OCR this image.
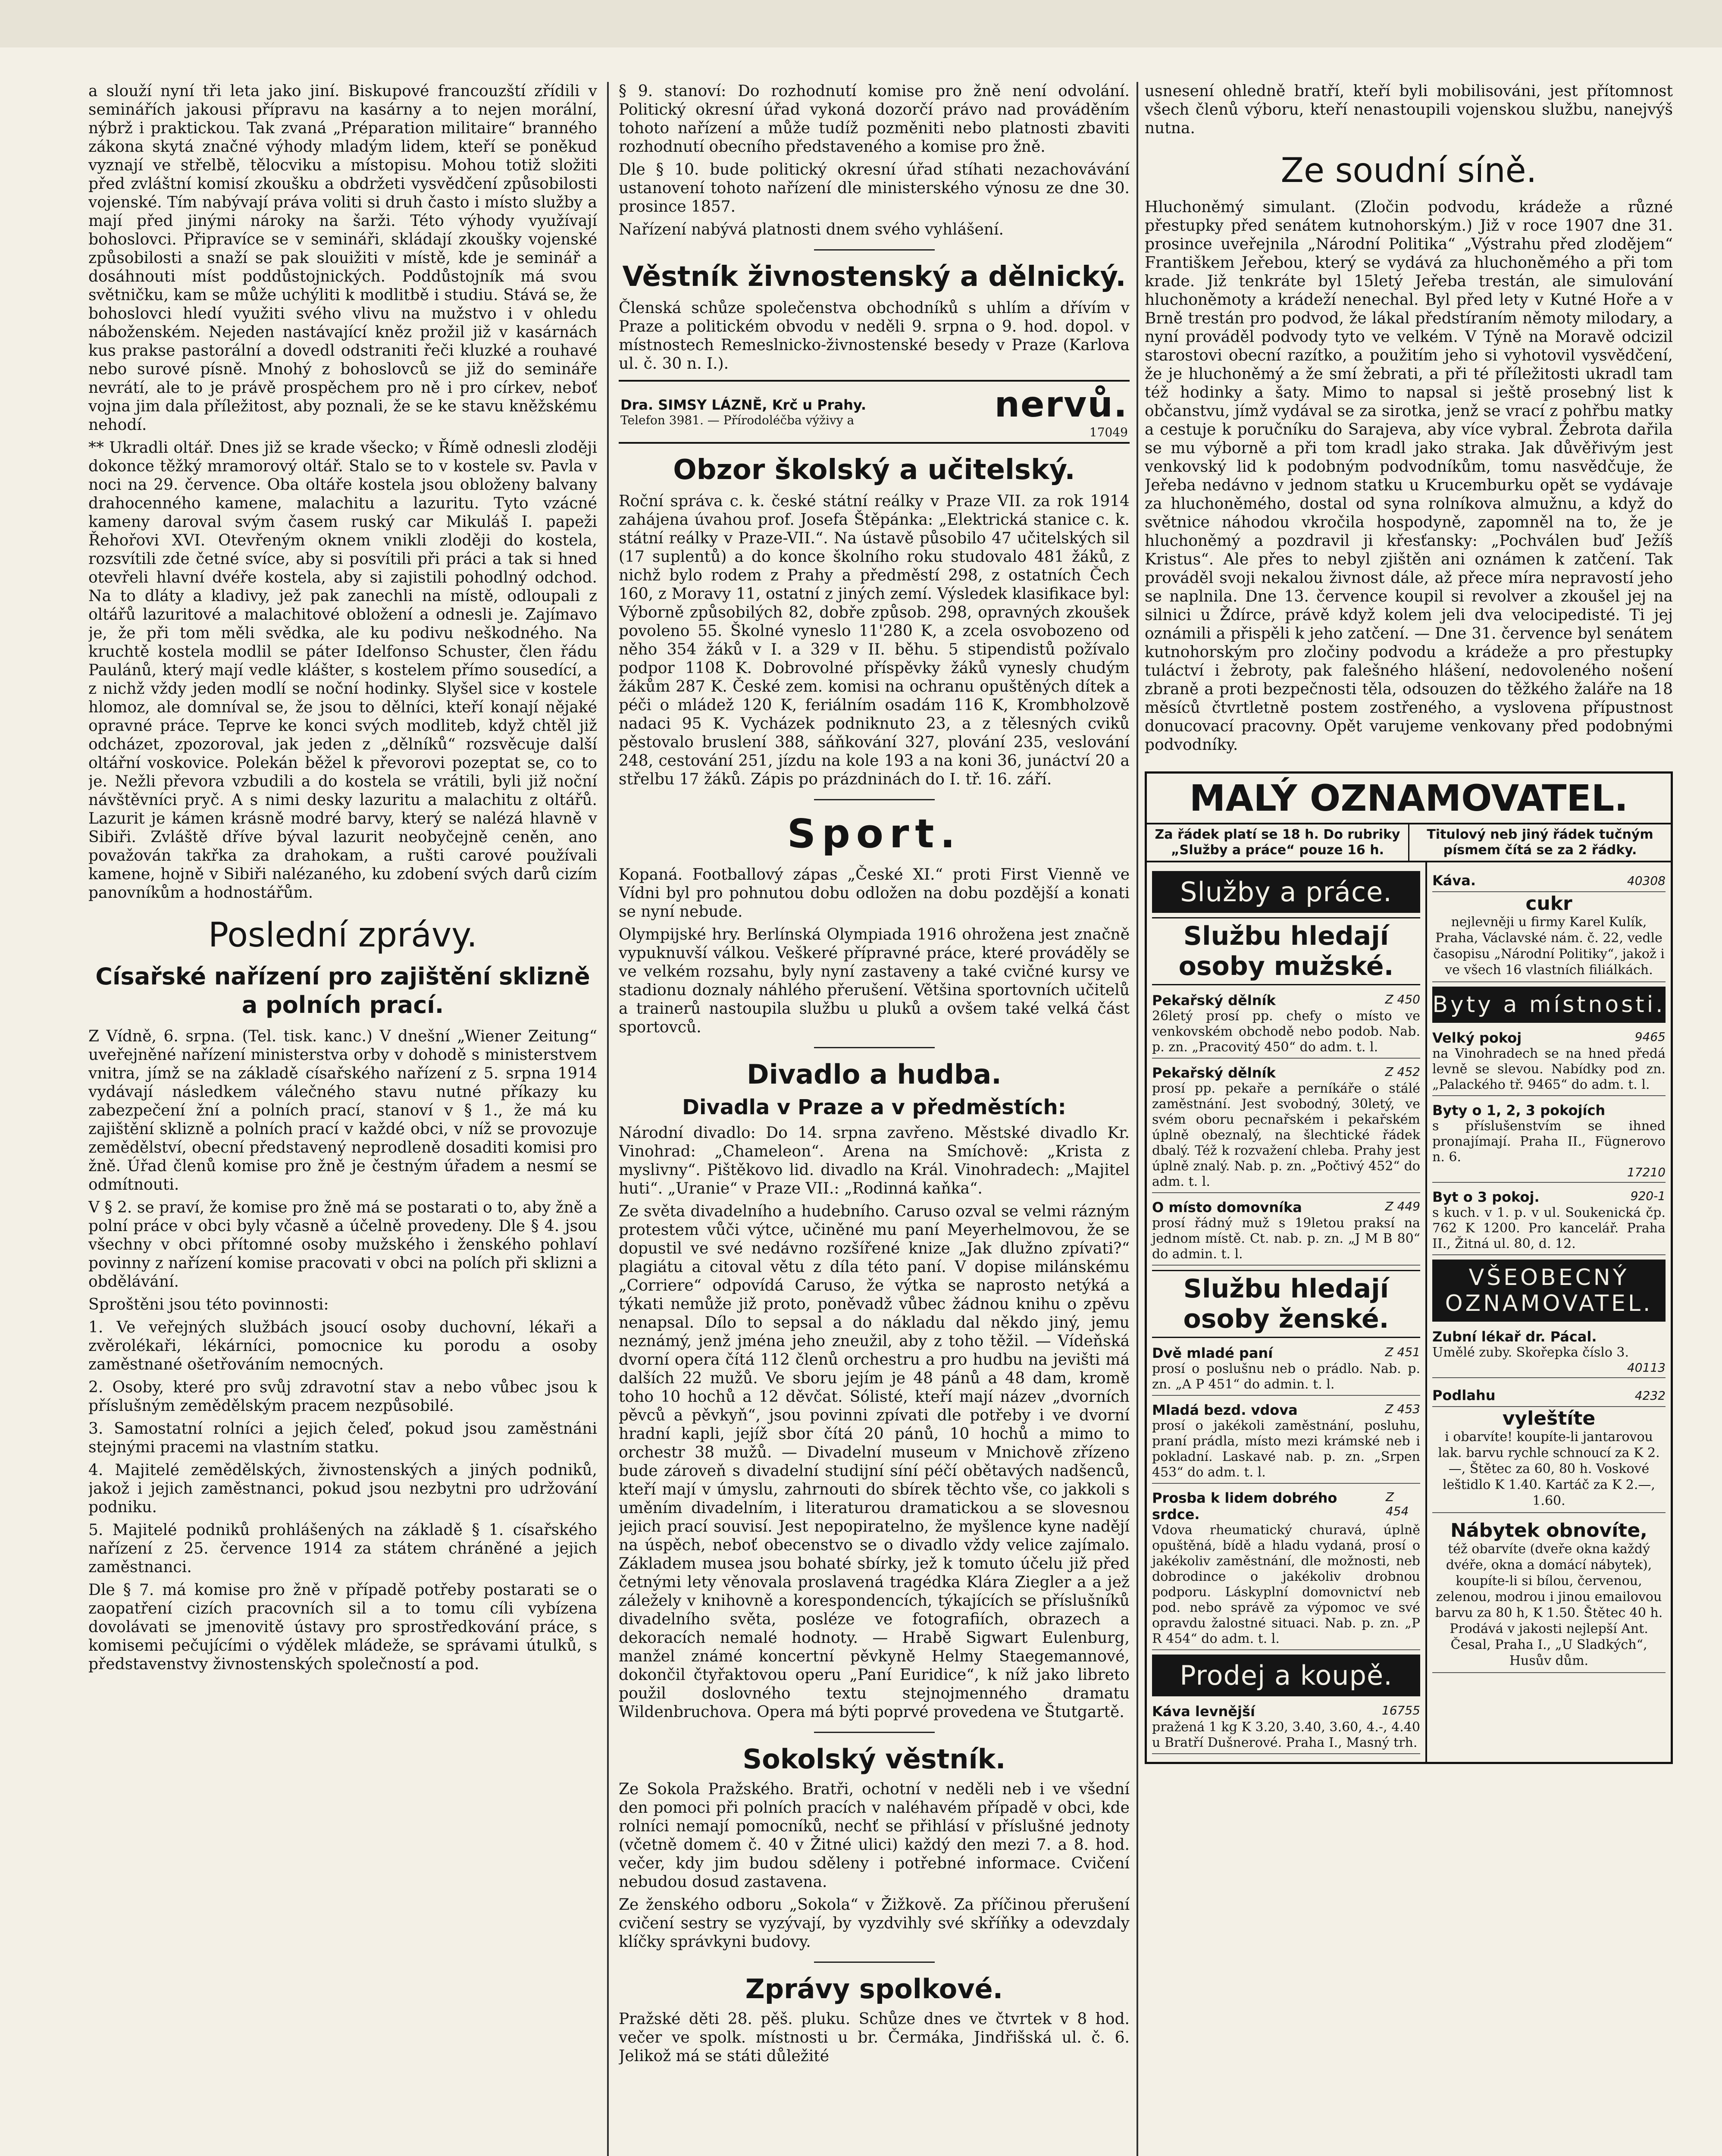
a slouží nyní tři leta jako jiní. Biskupové francouzští zřídili v seminářích jakousi přípravu na kasárny a to nejen morální, nýbrž i praktickou. Tak zvaná „Préparation militaire“ branného zákona skytá značné výhody mladým lidem, kteří se poněkud vyznají ve střelbě, tělocviku a místopisu. Mohou totiž složiti před zvláštní komisí zkoušku a obdržeti vysvědčení způsobilosti vojenské. Tím nabývají práva voliti si druh často i místo služby a mají před jinými nároky na šarži. Této výhody využívají bohoslovci. Připravíce se v semináři, skládají zkoušky vojenské způsobilosti a snaží se pak slouižiti v místě, kde je seminář a dosáhnouti míst poddůstojnických. Poddůstojník má svou světničku, kam se může uchýliti k modlitbě i studiu. Stává se, že bohoslovci hledí využiti svého vlivu na mužstvo i v ohledu náboženském. Nejeden nastávající kněz prožil již v kasárnách kus prakse pastorální a dovedl odstraniti řeči kluzké a rouhavé nebo surové písně. Mnohý z bohoslovců se již do semináře nevrátí, ale to je právě prospěchem pro ně i pro církev, neboť vojna jim dala příležitost, aby poznali, že se ke stavu kněžskému nehodí.

** Ukradli oltář. Dnes již se krade všecko; v Římě odnesli zloději dokonce těžký mramorový oltář. Stalo se to v kostele sv. Pavla v noci na 29. července. Oba oltáře kostela jsou obloženy balvany drahocenného kamene, malachitu a lazuritu. Tyto vzácné kameny daroval svým časem ruský car Mikuláš I. papeži Řehořovi XVI. Otevřeným oknem vnikli zloději do kostela, rozsvítili zde četné svíce, aby si posvítili při práci a tak si hned otevřeli hlavní dvéře kostela, aby si zajistili pohodlný odchod. Na to dláty a kladivy, jež pak zanechli na místě, odloupali z oltářů lazuritové a malachitové obložení a odnesli je. Zajímavo je, že při tom měli svědka, ale ku podivu neškodného. Na kruchtě kostela modlil se páter Idelfonso Schuster, člen řádu Paulánů, který mají vedle klášter, s kostelem přímo sousedící, a z nichž vždy jeden modlí se noční hodinky. Slyšel sice v kostele hlomoz, ale domníval se, že jsou to dělníci, kteří konají nějaké opravné práce. Teprve ke konci svých modliteb, když chtěl již odcházet, zpozoroval, jak jeden z „dělníků“ rozsvěcuje další oltářní voskovice. Polekán běžel k převorovi pozeptat se, co to je. Nežli převora vzbudili a do kostela se vrátili, byli již noční návštěvníci pryč. A s nimi desky lazuritu a malachitu z oltářů. Lazurit je kámen krásně modré barvy, který se nalézá hlavně v Sibiři. Zvláště dříve býval lazurit neobyčejně ceněn, ano považován takřka za drahokam, a rušti carové používali kamene, hojně v Sibiři nalézaného, ku zdobení svých darů cizím panovníkům a hodnostářům.

Poslední zprávy.
Císařské nařízení pro zajištění sklizně a polních prací.

Z Vídně, 6. srpna. (Tel. tisk. kanc.) V dnešní „Wiener Zeitung“ uveřejněné nařízení ministerstva orby v dohodě s ministerstvem vnitra, jímž se na základě císařského nařízení z 5. srpna 1914 vydávají následkem válečného stavu nutné příkazy ku zabezpečení žní a polních prací, stanoví v § 1., že má ku zajištění sklizně a polních prací v každé obci, v níž se provozuje zemědělství, obecní představený neprodleně dosaditi komisi pro žně. Úřad členů komise pro žně je čestným úřadem a nesmí se odmítnouti.

V § 2. se praví, že komise pro žně má se postarati o to, aby žně a polní práce v obci byly včasně a účelně provedeny. Dle § 4. jsou všechny v obci přítomné osoby mužského i ženského pohlaví povinny z nařízení komise pracovati v obci na polích při sklizni a obdělávání.

Sproštěni jsou této povinnosti:

1. Ve veřejných službách jsoucí osoby duchovní, lékaři a zvěrolékaři, lékárníci, pomocnice ku porodu a osoby zaměstnané ošetřováním nemocných.

2. Osoby, které pro svůj zdravotní stav a nebo vůbec jsou k příslušným zemědělským pracem nezpůsobilé.

3. Samostatní rolníci a jejich čeleď, pokud jsou zaměstnáni stejnými pracemi na vlastním statku.

4. Majitelé zemědělských, živnostenských a jiných podniků, jakož i jejich zaměstnanci, pokud jsou nezbytni pro udržování podniku.

5. Majitelé podniků prohlášených na základě § 1. císařského nařízení z 25. července 1914 za státem chráněné a jejich zaměstnanci.

Dle § 7. má komise pro žně v případě potřeby postarati se o zaopatření cizích pracovních sil a to tomu cíli vybízena dovolávati se jmenovitě ústavy pro sprostředkování práce, s komisemi pečujícími o výdělek mládeže, se správami útulků, s představenstvy živnostenských společností a pod.

§ 9. stanoví: Do rozhodnutí komise pro žně není odvolání. Politický okresní úřad vykoná dozorčí právo nad prováděním tohoto nařízení a může tudíž pozměniti nebo platnosti zbaviti rozhodnutí obecního představeného a komise pro žně.

Dle § 10. bude politický okresní úřad stíhati nezachovávání ustanovení tohoto nařízení dle ministerského výnosu ze dne 30. prosince 1857.

Nařízení nabývá platnosti dnem svého vyhlášení.

Věstník živnostenský a dělnický.

Členská schůze společenstva obchodníků s uhlím a dřívím v Praze a politickém obvodu v neděli 9. srpna o 9. hod. dopol. v místnostech Remeslnicko-živnostenské besedy v Praze (Karlova ul. č. 30 n. I.).

Dra. SIMSY LÁZNĚ, Krč u Prahy.
Telefon 3981. — Přírodoléčba výživy a	nervů.
17049
Obzor školský a učitelský.

Roční správa c. k. české státní reálky v Praze VII. za rok 1914 zahájena úvahou prof. Josefa Štěpánka: „Elektrická stanice c. k. státní reálky v Praze-VII.“. Na ústavě působilo 47 učitelských sil (17 suplentů) a do konce školního roku studovalo 481 žáků, z nichž bylo rodem z Prahy a předměstí 298, z ostatních Čech 160, z Moravy 11, ostatní z jiných zemí. Výsledek klasifikace byl: Výborně způsobilých 82, dobře způsob. 298, opravných zkoušek povoleno 55. Školné vyneslo 11'280 K, a zcela osvobozeno od něho 354 žáků v I. a 329 v II. běhu. 5 stipendistů požívalo podpor 1108 K. Dobrovolné příspěvky žáků vynesly chudým žákům 287 K. České zem. komisi na ochranu opuštěných dítek a péči o mládež 120 K, feriálním osadám 116 K, Krombholzově nadaci 95 K. Vycházek podniknuto 23, a z tělesných cviků pěstovalo bruslení 388, sáňkování 327, plování 235, veslování 248, cestování 251, jízdu na kole 193 a na koni 36, junáctví 20 a střelbu 17 žáků. Zápis po prázdninách do I. tř. 16. září.

Sport.

Kopaná. Footballový zápas „České XI.“ proti First Vienně ve Vídni byl pro pohnutou dobu odložen na dobu pozdější a konati se nyní nebude.

Olympijské hry. Berlínská Olympiada 1916 ohrožena jest značně vypuknuvší válkou. Veškeré přípravné práce, které prováděly se ve velkém rozsahu, byly nyní zastaveny a také cvičné kursy ve stadionu doznaly náhlého přerušení. Většina sportovních učitelů a trainerů nastoupila službu u pluků a ovšem také velká část sportovců.

Divadlo a hudba.
Divadla v Praze a v předměstích:

Národní divadlo: Do 14. srpna zavřeno. Městské divadlo Kr. Vinohrad: „Chameleon“. Arena na Smíchově: „Krista z myslivny“. Pištěkovo lid. divadlo na Král. Vinohradech: „Majitel huti“. „Uranie“ v Praze VII.: „Rodinná kaňka“.

Ze světa divadelního a hudebního. Caruso ozval se velmi rázným protestem vůči výtce, učiněné mu paní Meyerhelmovou, že se dopustil ve své nedávno rozšířené knize „Jak dlužno zpívati?“ plagiátu a citoval větu z díla této paní. V dopise milánskému „Corriere“ odpovídá Caruso, že výtka se naprosto netýká a týkati nemůže již proto, poněvadž vůbec žádnou knihu o zpěvu nenapsal. Dílo to sepsal a do nákladu dal někdo jiný, jemu neznámý, jenž jména jeho zneužil, aby z toho těžil. — Vídeňská dvorní opera čítá 112 členů orchestru a pro hudbu na jevišti má dalších 22 mužů. Ve sboru jejím je 48 pánů a 48 dam, kromě toho 10 hochů a 12 děvčat. Sólisté, kteří mají název „dvorních pěvců a pěvkyň“, jsou povinni zpívati dle potřeby i ve dvorní hradní kapli, jejíž sbor čítá 20 pánů, 10 hochů a mimo to orchestr 38 mužů. — Divadelní museum v Mnichově zřízeno bude zároveň s divadelní studijní síní péčí obětavých nadšenců, kteří mají v úmyslu, zahrnouti do sbírek těchto vše, co jakkoli s uměním divadelním, i literaturou dramatickou a se slovesnou jejich prací souvisí. Jest nepopiratelno, že myšlence kyne nadějí na úspěch, neboť obecenstvo se o divadlo vždy velice zajímalo. Základem musea jsou bohaté sbírky, jež k tomuto účelu již před četnými lety věnovala proslavená tragédka Klára Ziegler a a jež záležely v knihovně a korespondencích, týkajících se příslušníků divadelního světa, posléze ve fotografiích, obrazech a dekoracích nemalé hodnoty. — Hrabě Sigwart Eulenburg, manžel známé koncertní pěvkyně Helmy Staegemannové, dokončil čtyřaktovou operu „Paní Euridice“, k níž jako libreto použil doslovného textu stejnojmenného dramatu Wildenbruchova. Opera má býti poprvé provedena ve Štutgartě.

Sokolský věstník.

Ze Sokola Pražského. Bratři, ochotní v neděli neb i ve všední den pomoci při polních pracích v naléhavém případě v obci, kde rolníci nemají pomocníků, nechť se přihlásí v příslušné jednoty (včetně domem č. 40 v Žitné ulici) každý den mezi 7. a 8. hod. večer, kdy jim budou sděleny i potřebné informace. Cvičení nebudou dosud zastavena.

Ze ženského odboru „Sokola“ v Žižkově. Za příčinou přerušení cvičení sestry se vyzývají, by vyzdvihly své skříňky a odevzdaly klíčky správkyni budovy.

Zprávy spolkové.

Pražské děti 28. pěš. pluku. Schůze dnes ve čtvrtek v 8 hod. večer ve spolk. místnosti u br. Čermáka, Jindřišská ul. č. 6. Jelikož má se státi důležité

usnesení ohledně bratří, kteří byli mobilisováni, jest přítomnost všech členů výboru, kteří nenastoupili vojenskou službu, nanejvýš nutna.

Ze soudní síně.

Hluchoněmý simulant. (Zločin podvodu, krádeže a různé přestupky před senátem kutnohorským.) Již v roce 1907 dne 31. prosince uveřejnila „Národní Politika“ „Výstrahu před zlodějem“ Františkem Jeřebou, který se vydává za hluchoněmého a při tom krade. Již tenkráte byl 15letý Jeřeba trestán, ale simulování hluchoněmoty a krádeží nenechal. Byl před lety v Kutné Hoře a v Brně trestán pro podvod, že lákal předstíraním němoty milodary, a nyní prováděl podvody tyto ve velkém. V Týně na Moravě odcizil starostovi obecní razítko, a použitím jeho si vyhotovil vysvědčení, že je hluchoněmý a že smí žebrati, a při té příležitosti ukradl tam též hodinky a šaty. Mimo to napsal si ještě prosebný list k občanstvu, jímž vydával se za sirotka, jenž se vrací z pohřbu matky a cestuje k poručníku do Sarajeva, aby více vybral. Žebrota dařila se mu výborně a při tom kradl jako straka. Jak důvěřivým jest venkovský lid k podobným podvodníkům, tomu nasvědčuje, že Jeřeba nedávno v jednom statku u Krucemburku opět se vydávaje za hluchoněmého, dostal od syna rolníkova almužnu, a když do světnice náhodou vkročila hospodyně, zapomněl na to, že je hluchoněmý a pozdravil ji křesťansky: „Pochválen buď Ježíš Kristus“. Ale přes to nebyl zjištěn ani oznámen k zatčení. Tak prováděl svoji nekalou živnost dále, až přece míra nepravostí jeho se naplnila. Dne 13. července koupil si revolver a zkoušel jej na silnici u Ždírce, právě když kolem jeli dva velocipedisté. Ti jej oznámili a přispěli k jeho zatčení. — Dne 31. července byl senátem kutnohorským pro zločiny podvodu a krádeže a pro přestupky tuláctví i žebroty, pak falešného hlášení, nedovoleného nošení zbraně a proti bezpečnosti těla, odsouzen do těžkého žaláře na 18 měsíců čtvrtletně postem zostřeného, a vyslovena přípustnost donucovací pracovny. Opět varujeme venkovany před podobnými podvodníky.

MALÝ OZNAMOVATEL.
Za řádek platí se 18 h. Do rubriky „Služby a práce“ pouze 16 h.
Titulový neb jiný řádek tučným písmem čítá se za 2 řádky.
Služby a práce.
Službu hledají osoby mužské.
Pekařský dělník	Z 450
26letý prosí pp. chefy o místo ve venkovském obchodě nebo podob. Nab. p. zn. „Pracovitý 450“ do adm. t. l.
Pekařský dělník	Z 452
prosí pp. pekaře a perníkáře o stálé zaměstnání. Jest svobodný, 30letý, ve svém oboru pecnařském i pekařském úplně obeznalý, na šlechtické řádek dbalý. Též k rozvažení chleba. Prahy jest úplně znalý. Nab. p. zn. „Počtivý 452“ do adm. t. l.
O místo domovníka	Z 449
prosí řádný muž s 19letou praksí na jednom místě. Ct. nab. p. zn. „J M B 80“ do admin. t. l.
Službu hledají osoby ženské.
Dvě mladé paní	Z 451
prosí o poslušnu neb o prádlo. Nab. p. zn. „A P 451“ do admin. t. l.
Mladá bezd. vdova	Z 453
prosí o jakékoli zaměstnání, posluhu, praní prádla, místo mezi krámské neb i pokladní. Laskavé nab. p. zn. „Srpen 453“ do adm. t. l.
Prosba k lidem dobrého srdce.
Z 454
Vdova rheumatický churavá, úplně opuštěná, bídě a hladu vydaná, prosí o jakékoliv zaměstnání, dle možnosti, neb dobrodince o jakékoliv drobnou podporu. Láskyplní domovnictví neb pod. nebo správě za výpomoc ve své opravdu žalostné situaci. Nab. p. zn. „P R 454“ do adm. t. l.
Prodej a koupě.
Káva levnější	16755
pražená 1 kg K 3.20, 3.40, 3.60, 4.-, 4.40 u Bratří Dušnerové. Praha I., Masný trh.
Káva.	40308
cukr
nejlevněji u firmy Karel Kulík, Praha, Václavské nám. č. 22, vedle časopisu „Národní Politiky“, jakož i ve všech 16 vlastních filiálkách.
Byty a místnosti.
Velký pokoj	9465
na Vinohradech se na hned předá levně se slevou. Nabídky pod zn. „Palackého tř. 9465“ do adm. t. l.
Byty o 1, 2, 3 pokojích
s příslušenstvím se ihned pronajímají. Praha II., Fügnerovo n. 6.
17210
Byt o 3 pokoj.	920-1
s kuch. v 1. p. v ul. Soukenická čp. 762 K 1200. Pro kancelář. Praha II., Žitná ul. 80, d. 12.
VŠEOBECNÝ OZNAMOVATEL.
Zubní lékař dr. Pácal.
Umělé zuby. Skořepka číslo 3.
40113
Podlahu	4232
vyleštíte
i obarvíte! koupíte-li jantarovou lak. barvu rychle schnoucí za K 2.—, Štětec za 60, 80 h. Voskové leštidlo K 1.40. Kartáč za K 2.—, 1.60.
Nábytek obnovíte,
též obarvíte (dveře okna každý dvéře, okna a domácí nábytek), koupíte-li si bílou, červenou, zelenou, modrou i jinou emailovou barvu za 80 h, K 1.50. Štětec 40 h. Prodává v jakosti nejlepší Ant. Česal, Praha I., „U Sladkých“, Husův dům.
